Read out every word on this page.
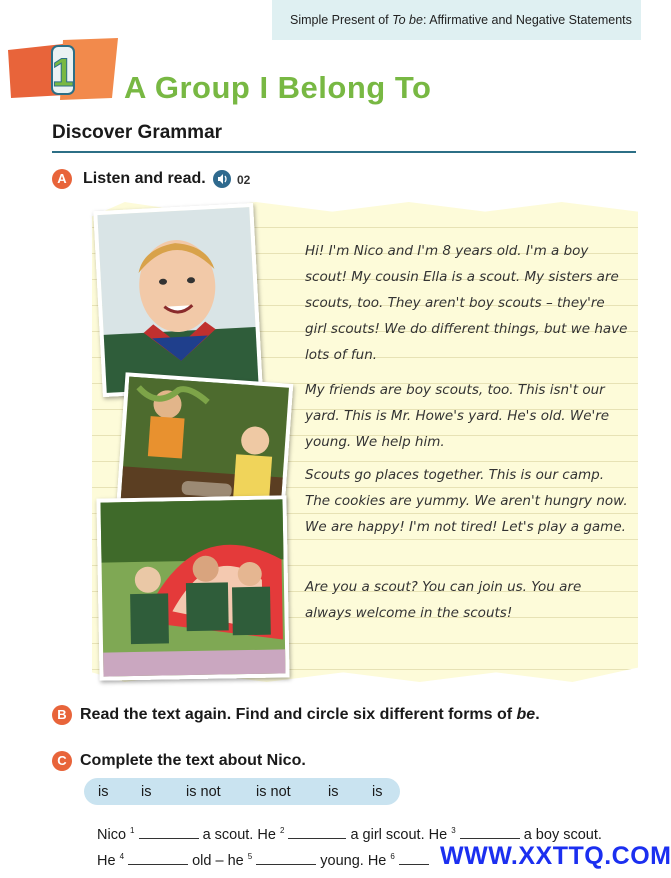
Simple Present of To be: Affirmative and Negative Statements
1 A Group I Belong To
Discover Grammar
A	Listen and read.	02
Hi! I'm Nico and I'm 8 years old. I'm a boy scout! My cousin Ella is a scout. My sisters are scouts, too. They aren't boy scouts – they're girl scouts! We do different things, but we have lots of fun.
My friends are boy scouts, too. This isn't our yard. This is Mr. Howe's yard. He's old. We're young. We help him.
Scouts go places together. This is our camp. The cookies are yummy. We aren't hungry now. We are happy! I'm not tired! Let's play a game.
Are you a scout? You can join us. You are always welcome in the scouts!
B Read the text again. Find and circle six different forms of be.
C Complete the text about Nico.
is is is not is not	is is
Nico $^1$	a scout. He $^2$	a girl scout. He $^3$	a boy scout.
He $^4$	old – he $^5$	young. He $^6$	WWW.XXTTQ.COM
